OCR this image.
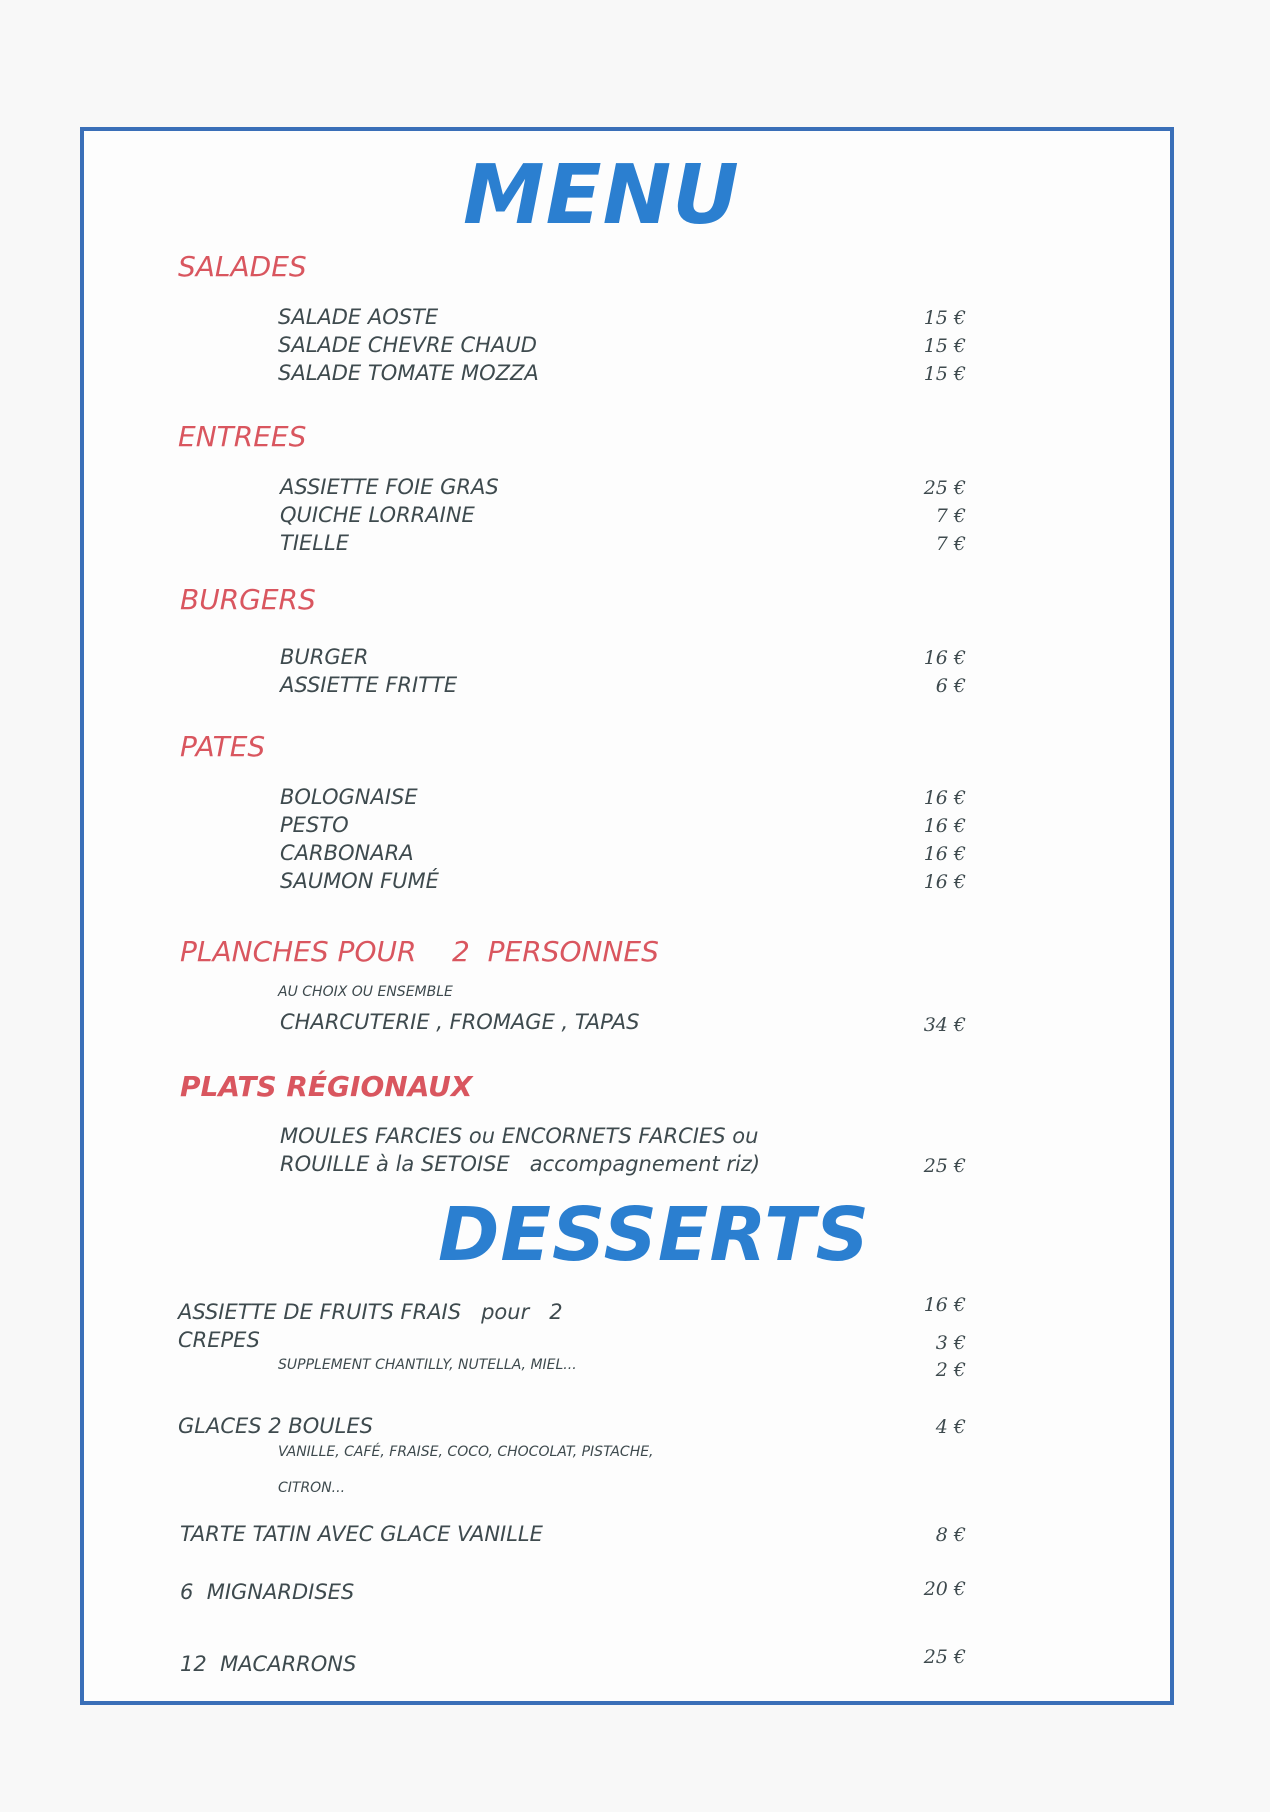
MENU
SALADES
SALADE AOSTE	15 €
SALADE CHEVRE CHAUD	15 €
SALADE TOMATE MOZZA	15 €
ENTREES
ASSIETTE FOIE GRAS	25 €
QUICHE LORRAINE	7 €
TIELLE	7 €
BURGERS
BURGER	16 €
ASSIETTE FRITTE	6 €
PATES
BOLOGNAISE	16 €
PESTO	16 €
CARBONARA	16 €
SAUMON FUMÉ	16 €
PLANCHES POUR    2  PERSONNES
AU CHOIX OU ENSEMBLE
CHARCUTERIE , FROMAGE , TAPAS	34 €
PLATS RÉGIONAUX
MOULES FARCIES ou ENCORNETS FARCIES ou
ROUILLE à la SETOISE   accompagnement riz)	25 €
DESSERTS
ASSIETTE DE FRUITS FRAIS   pour   2	16 €
CREPES	3 €
SUPPLEMENT CHANTILLY, NUTELLA, MIEL...	2 €
GLACES 2 BOULES	4 €
VANILLE, CAFÉ, FRAISE, COCO, CHOCOLAT, PISTACHE,
CITRON...
TARTE TATIN AVEC GLACE VANILLE	8 €
6  MIGNARDISES	20 €
12  MACARRONS	25 €
